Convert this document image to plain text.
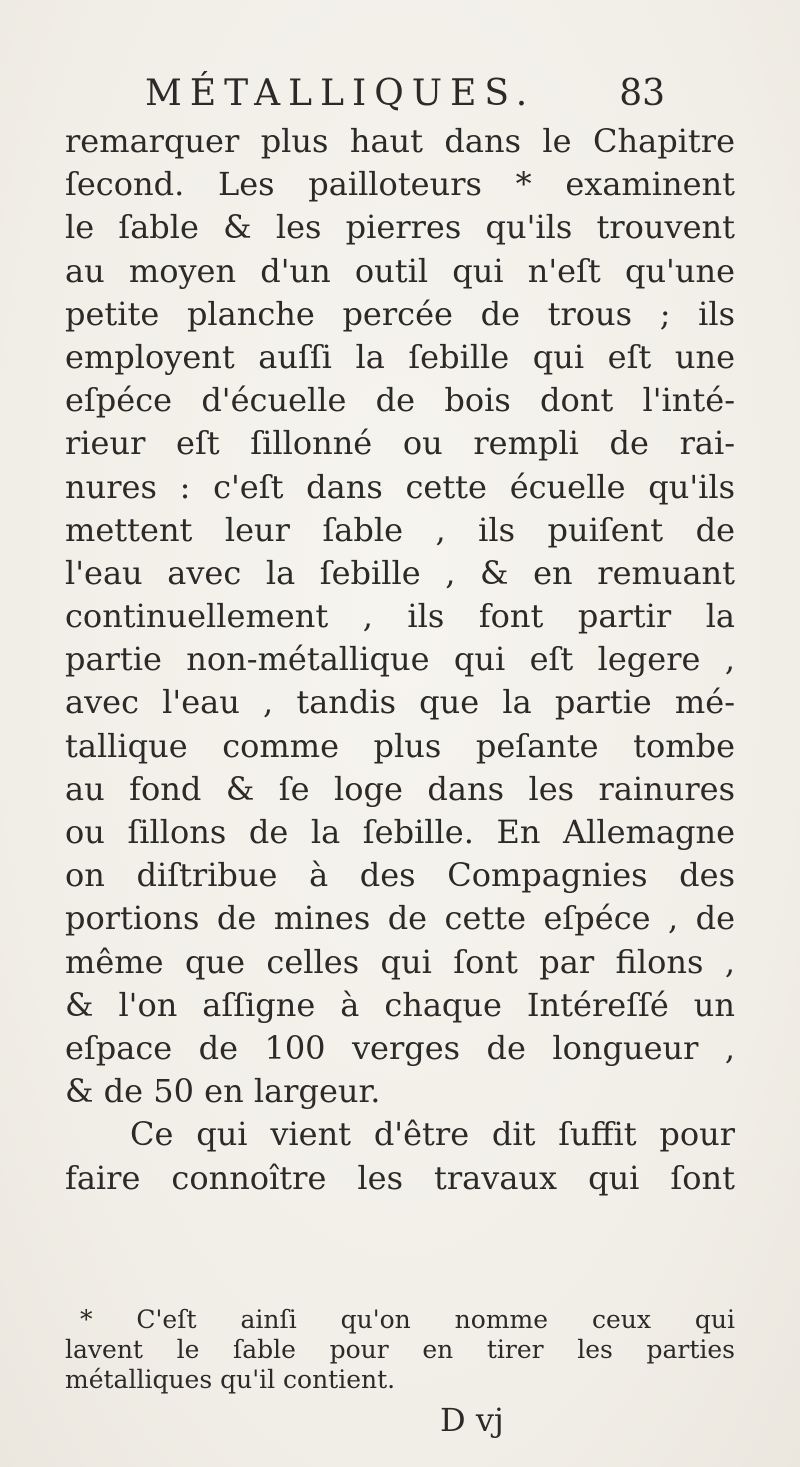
MÉTALLIQUES. 83
remarquer plus haut dans le Chapitre
ſecond. Les pailloteurs * examinent
le ſable & les pierres qu'ils trouvent
au moyen d'un outil qui n'eſt qu'une
petite planche percée de trous ; ils
employent auſſi la ſebille qui eſt une
eſpéce d'écuelle de bois dont l'inté-
rieur eſt ſillonné ou rempli de rai-
nures : c'eſt dans cette écuelle qu'ils
mettent leur ſable , ils puiſent de
l'eau avec la ſebille , & en remuant
continuellement , ils font partir la
partie non-métallique qui eſt legere ,
avec l'eau , tandis que la partie mé-
tallique comme plus peſante tombe
au fond & ſe loge dans les rainures
ou ſillons de la ſebille. En Allemagne
on diſtribue à des Compagnies des
portions de mines de cette eſpéce , de
même que celles qui ſont par filons ,
& l'on aſſigne à chaque Intéreſſé un
eſpace de 100 verges de longueur ,
& de 50 en largeur.
Ce qui vient d'être dit ſuffit pour
faire connoître les travaux qui ſont
* C'eſt ainſi qu'on nomme ceux qui
lavent le ſable pour en tirer les parties
métalliques qu'il contient.
D vj
